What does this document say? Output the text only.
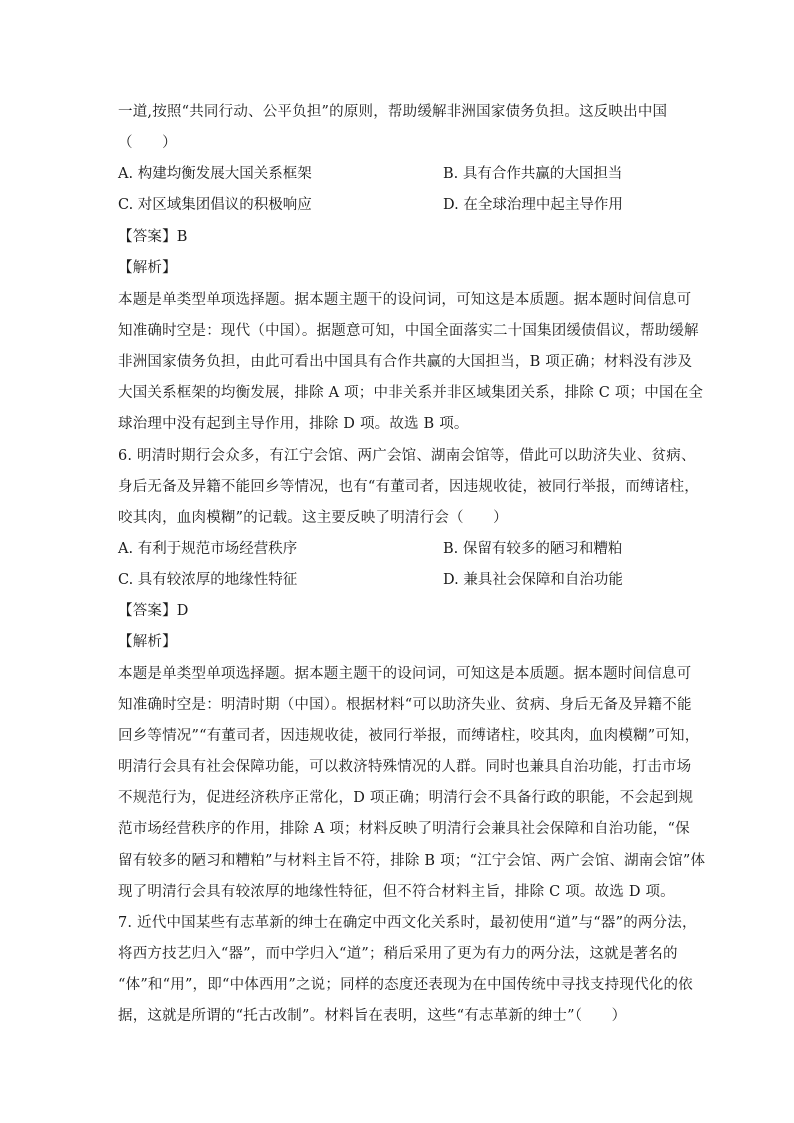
一道,按照“共同行动、公平负担”的原则，帮助缓解非洲国家债务负担。这反映出中国
（　　）
A. 构建均衡发展大国关系框架	B. 具有合作共赢的大国担当
C. 对区域集团倡议的积极响应	D. 在全球治理中起主导作用
【答案】B
【解析】
本题是单类型单项选择题。据本题主题干的设问词，可知这是本质题。据本题时间信息可
知准确时空是：现代（中国）。据题意可知，中国全面落实二十国集团缓债倡议，帮助缓解
非洲国家债务负担，由此可看出中国具有合作共赢的大国担当，B 项正确；材料没有涉及
大国关系框架的均衡发展，排除 A 项；中非关系并非区域集团关系，排除 C 项；中国在全
球治理中没有起到主导作用，排除 D 项。故选 B 项。
6. 明清时期行会众多，有江宁会馆、两广会馆、湖南会馆等，借此可以助济失业、贫病、
身后无备及异籍不能回乡等情况，也有“有董司者，因违规收徒，被同行举报，而缚诸柱，
咬其肉，血肉模糊”的记载。这主要反映了明清行会（　　）
A. 有利于规范市场经营秩序	B. 保留有较多的陋习和糟粕
C. 具有较浓厚的地缘性特征	D. 兼具社会保障和自治功能
【答案】D
【解析】
本题是单类型单项选择题。据本题主题干的设问词，可知这是本质题。据本题时间信息可
知准确时空是：明清时期（中国）。根据材料“可以助济失业、贫病、身后无备及异籍不能
回乡等情况”“有董司者，因违规收徒，被同行举报，而缚诸柱，咬其肉，血肉模糊”可知，
明清行会具有社会保障功能，可以救济特殊情况的人群。同时也兼具自治功能，打击市场
不规范行为，促进经济秩序正常化，D 项正确；明清行会不具备行政的职能，不会起到规
范市场经营秩序的作用，排除 A 项；材料反映了明清行会兼具社会保障和自治功能，“保
留有较多的陋习和糟粕”与材料主旨不符，排除 B 项；“江宁会馆、两广会馆、湖南会馆”体
现了明清行会具有较浓厚的地缘性特征，但不符合材料主旨，排除 C 项。故选 D 项。
7. 近代中国某些有志革新的绅士在确定中西文化关系时，最初使用“道”与“器”的两分法，
将西方技艺归入“器”，而中学归入“道”；稍后采用了更为有力的两分法，这就是著名的
“体”和“用”，即“中体西用”之说；同样的态度还表现为在中国传统中寻找支持现代化的依
据，这就是所谓的“托古改制”。材料旨在表明，这些“有志革新的绅士”（　　）
